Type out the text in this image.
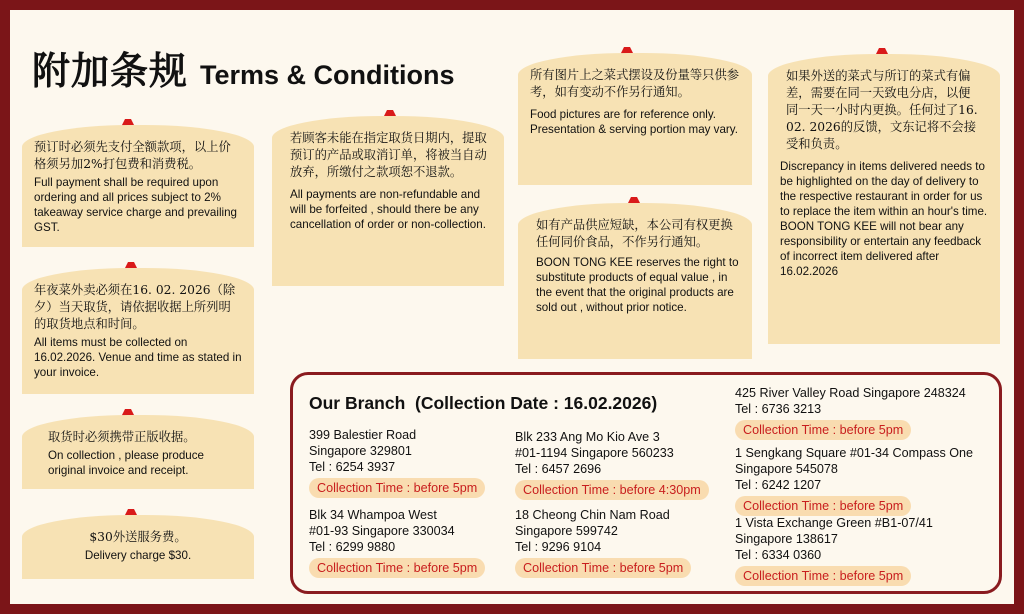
附加条规 Terms & Conditions
预订时必须先支付全额款项，以上价格须另加2%打包费和消费税。
Full payment shall be required upon ordering and all prices subject to 2% takeaway service charge and prevailing GST.
年夜菜外卖必须在16. 02. 2026（除夕）当天取货，请依据收据上所列明的取货地点和时间。
All items must be collected on 16.02.2026. Venue and time as stated in your invoice.
取货时必须携带正版收据。
On collection , please produce original invoice and receipt.
$30外送服务费。
Delivery charge $30.
若顾客未能在指定取货日期内，提取预订的产品或取消订单，将被当自动放弃，所缴付之款项恕不退款。
All payments are non-refundable and will be forfeited , should there be any cancellation of order or non-collection.
所有图片上之菜式摆设及份量等只供参考，如有变动不作另行通知。
Food pictures are for reference only. Presentation & serving portion may vary.
如有产品供应短缺，本公司有权更换任何同价食品，不作另行通知。
BOON TONG KEE reserves the right to substitute products of equal value , in the event that the original products are sold out , without prior notice.
如果外送的菜式与所订的菜式有偏差，需要在同一天致电分店，以便同一天一小时内更换。任何过了16. 02. 2026的反馈，文东记将不会接受和负责。
Discrepancy in items delivered needs to be highlighted on the day of delivery to the respective restaurant in order for us to replace the item within an hour's time. BOON TONG KEE will not bear any responsibility or entertain any feedback of incorrect item delivered after 16.02.2026
Our Branch (Collection Date : 16.02.2026)
399 Balestier Road
Singapore 329801
Tel : 6254 3937
Collection Time : before 5pm
Blk 34 Whampoa West
#01-93 Singapore 330034
Tel : 6299 9880
Collection Time : before 5pm
Blk 233 Ang Mo Kio Ave 3
#01-1194 Singapore 560233
Tel : 6457 2696
Collection Time : before 4:30pm
18 Cheong Chin Nam Road
Singapore 599742
Tel : 9296 9104
Collection Time : before 5pm
425 River Valley Road Singapore 248324
Tel : 6736 3213
Collection Time : before 5pm
1 Sengkang Square #01-34 Compass One
Singapore 545078
Tel : 6242 1207
Collection Time : before 5pm
1 Vista Exchange Green #B1-07/41
Singapore 138617
Tel : 6334 0360
Collection Time : before 5pm
